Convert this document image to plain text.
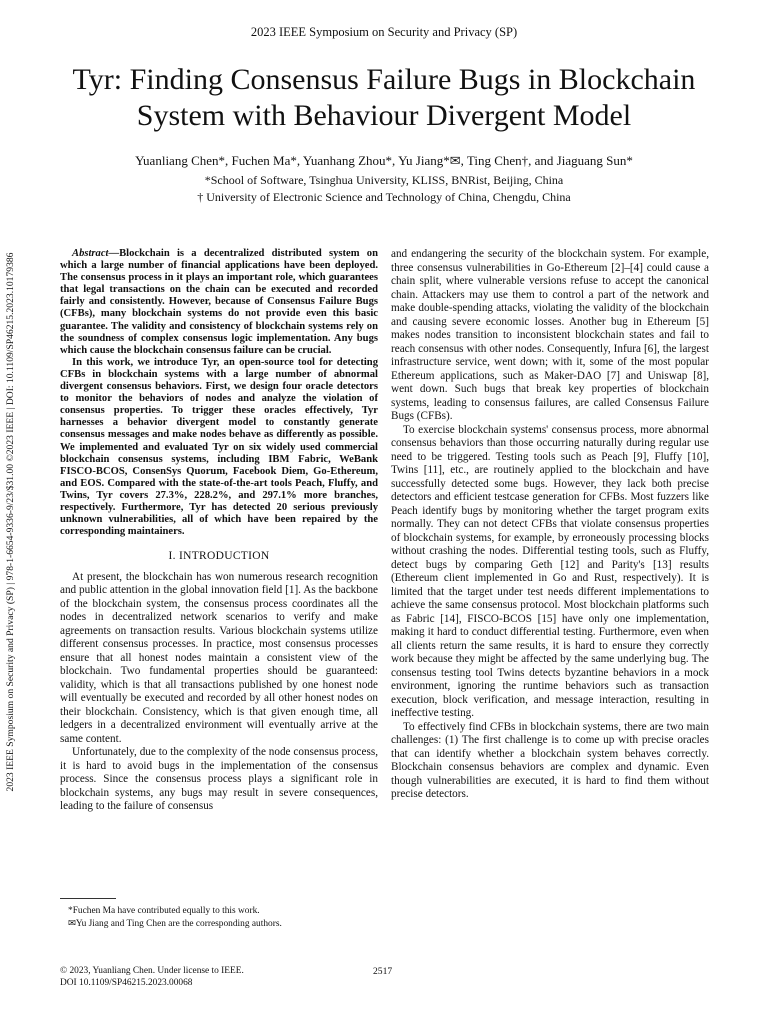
2023 IEEE Symposium on Security and Privacy (SP)
Tyr: Finding Consensus Failure Bugs in Blockchain
System with Behaviour Divergent Model
Yuanliang Chen*, Fuchen Ma*, Yuanhang Zhou*, Yu Jiang*✉, Ting Chen†, and Jiaguang Sun*
*School of Software, Tsinghua University, KLISS, BNRist, Beijing, China
† University of Electronic Science and Technology of China, Chengdu, China
2023 IEEE Symposium on Security and Privacy (SP) | 978-1-6654-9336-9/23/$31.00 ©2023 IEEE | DOI: 10.1109/SP46215.2023.10179386	Abstract—Blockchain is a decentralized distributed system on which a large number of financial applications have been deployed. The consensus process in it plays an important role, which guarantees that legal transactions on the chain can be executed and recorded fairly and consistently. However, because of Consensus Failure Bugs (CFBs), many blockchain systems do not provide even this basic guarantee. The validity and consistency of blockchain systems rely on the soundness of complex consensus logic implementation. Any bugs which cause the blockchain consensus failure can be crucial.

In this work, we introduce Tyr, an open-source tool for detecting CFBs in blockchain systems with a large number of abnormal divergent consensus behaviors. First, we design four oracle detectors to monitor the behaviors of nodes and analyze the violation of consensus properties. To trigger these oracles effectively, Tyr harnesses a behavior divergent model to constantly generate consensus messages and make nodes behave as differently as possible. We implemented and evaluated Tyr on six widely used commercial blockchain consensus systems, including IBM Fabric, WeBank FISCO-BCOS, ConsenSys Quorum, Facebook Diem, Go-Ethereum, and EOS. Compared with the state-of-the-art tools Peach, Fluffy, and Twins, Tyr covers 27.3%, 228.2%, and 297.1% more branches, respectively. Furthermore, Tyr has detected 20 serious previously unknown vulnerabilities, all of which have been repaired by the corresponding maintainers.

I. INTRODUCTION

At present, the blockchain has won numerous research recognition and public attention in the global innovation field [1]. As the backbone of the blockchain system, the consensus process coordinates all the nodes in decentralized network scenarios to verify and make agreements on transaction results. Various blockchain systems utilize different consensus processes. In practice, most consensus processes ensure that all honest nodes maintain a consistent view of the blockchain. Two fundamental properties should be guaranteed: validity, which is that all transactions published by one honest node will eventually be executed and recorded by all other honest nodes on their blockchain. Consistency, which is that given enough time, all ledgers in a decentralized environment will eventually arrive at the same content.

Unfortunately, due to the complexity of the node consensus process, it is hard to avoid bugs in the implementation of the consensus process. Since the consensus process plays a significant role in blockchain systems, any bugs may result in severe consequences, leading to the failure of consensus

and endangering the security of the blockchain system. For example, three consensus vulnerabilities in Go-Ethereum [2]–[4] could cause a chain split, where vulnerable versions refuse to accept the canonical chain. Attackers may use them to control a part of the network and make double-spending attacks, violating the validity of the blockchain and causing severe economic losses. Another bug in Ethereum [5] makes nodes transition to inconsistent blockchain states and fail to reach consensus with other nodes. Consequently, Infura [6], the largest infrastructure service, went down; with it, some of the most popular Ethereum applications, such as Maker-DAO [7] and Uniswap [8], went down. Such bugs that break key properties of blockchain systems, leading to consensus failures, are called Consensus Failure Bugs (CFBs).

To exercise blockchain systems' consensus process, more abnormal consensus behaviors than those occurring naturally during regular use need to be triggered. Testing tools such as Peach [9], Fluffy [10], Twins [11], etc., are routinely applied to the blockchain and have successfully detected some bugs. However, they lack both precise detectors and efficient testcase generation for CFBs. Most fuzzers like Peach identify bugs by monitoring whether the target program exits normally. They can not detect CFBs that violate consensus properties of blockchain systems, for example, by erroneously processing blocks without crashing the nodes. Differential testing tools, such as Fluffy, detect bugs by comparing Geth [12] and Parity's [13] results (Ethereum client implemented in Go and Rust, respectively). It is limited that the target under test needs different implementations to achieve the same consensus protocol. Most blockchain platforms such as Fabric [14], FISCO-BCOS [15] have only one implementation, making it hard to conduct differential testing. Furthermore, even when all clients return the same results, it is hard to ensure they correctly work because they might be affected by the same underlying bug. The consensus testing tool Twins detects byzantine behaviors in a mock environment, ignoring the runtime behaviors such as transaction execution, block verification, and message interaction, resulting in ineffective testing.

To effectively find CFBs in blockchain systems, there are two main challenges: (1) The first challenge is to come up with precise oracles that can identify whether a blockchain system behaves correctly. Blockchain consensus behaviors are complex and dynamic. Even though vulnerabilities are executed, it is hard to find them without precise detectors.

*Fuchen Ma have contributed equally to this work.
✉Yu Jiang and Ting Chen are the corresponding authors.
© 2023, Yuanliang Chen. Under license to IEEE.
DOI 10.1109/SP46215.2023.00068
2517
